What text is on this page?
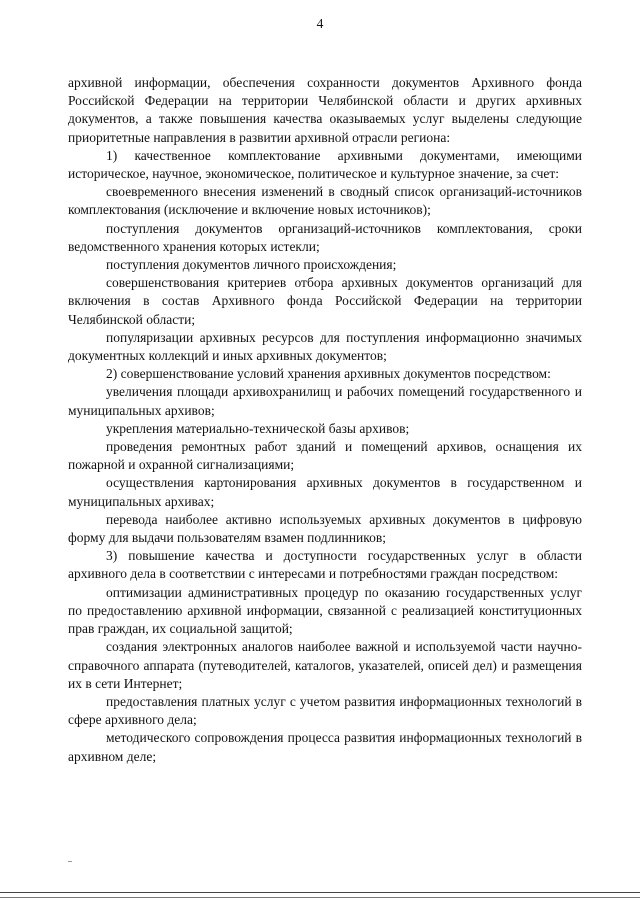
4

архивной информации, обеспечения сохранности документов Архивного фонда Российской Федерации на территории Челябинской области и других архивных документов, а также повышения качества оказываемых услуг выделены следующие приоритетные направления в развитии архивной отрасли региона:

1) качественное комплектование архивными документами, имеющими историческое, научное, экономическое, политическое и культурное значение, за счет:

своевременного внесения изменений в сводный список организаций-источников комплектования (исключение и включение новых источников);

поступления документов организаций-источников комплектования, сроки ведомственного хранения которых истекли;

поступления документов личного происхождения;

совершенствования критериев отбора архивных документов организаций для включения в состав Архивного фонда Российской Федерации на территории Челябинской области;

популяризации архивных ресурсов для поступления информационно значимых документных коллекций и иных архивных документов;

2) совершенствование условий хранения архивных документов посредством:

увеличения площади архивохранилищ и рабочих помещений государственного и муниципальных архивов;

укрепления материально-технической базы архивов;

проведения ремонтных работ зданий и помещений архивов, оснащения их пожарной и охранной сигнализациями;

осуществления картонирования архивных документов в государственном и муниципальных архивах;

перевода наиболее активно используемых архивных документов в цифровую форму для выдачи пользователям взамен подлинников;

3) повышение качества и доступности государственных услуг в области архивного дела в соответствии с интересами и потребностями граждан посредством:

оптимизации административных процедур по оказанию государственных услуг по предоставлению архивной информации, связанной с реализацией конституционных прав граждан, их социальной защитой;

создания электронных аналогов наиболее важной и используемой части научно-справочного аппарата (путеводителей, каталогов, указателей, описей дел) и размещения их в сети Интернет;

предоставления платных услуг с учетом развития информационных технологий в сфере архивного дела;

методического сопровождения процесса развития информационных технологий в архивном деле;
